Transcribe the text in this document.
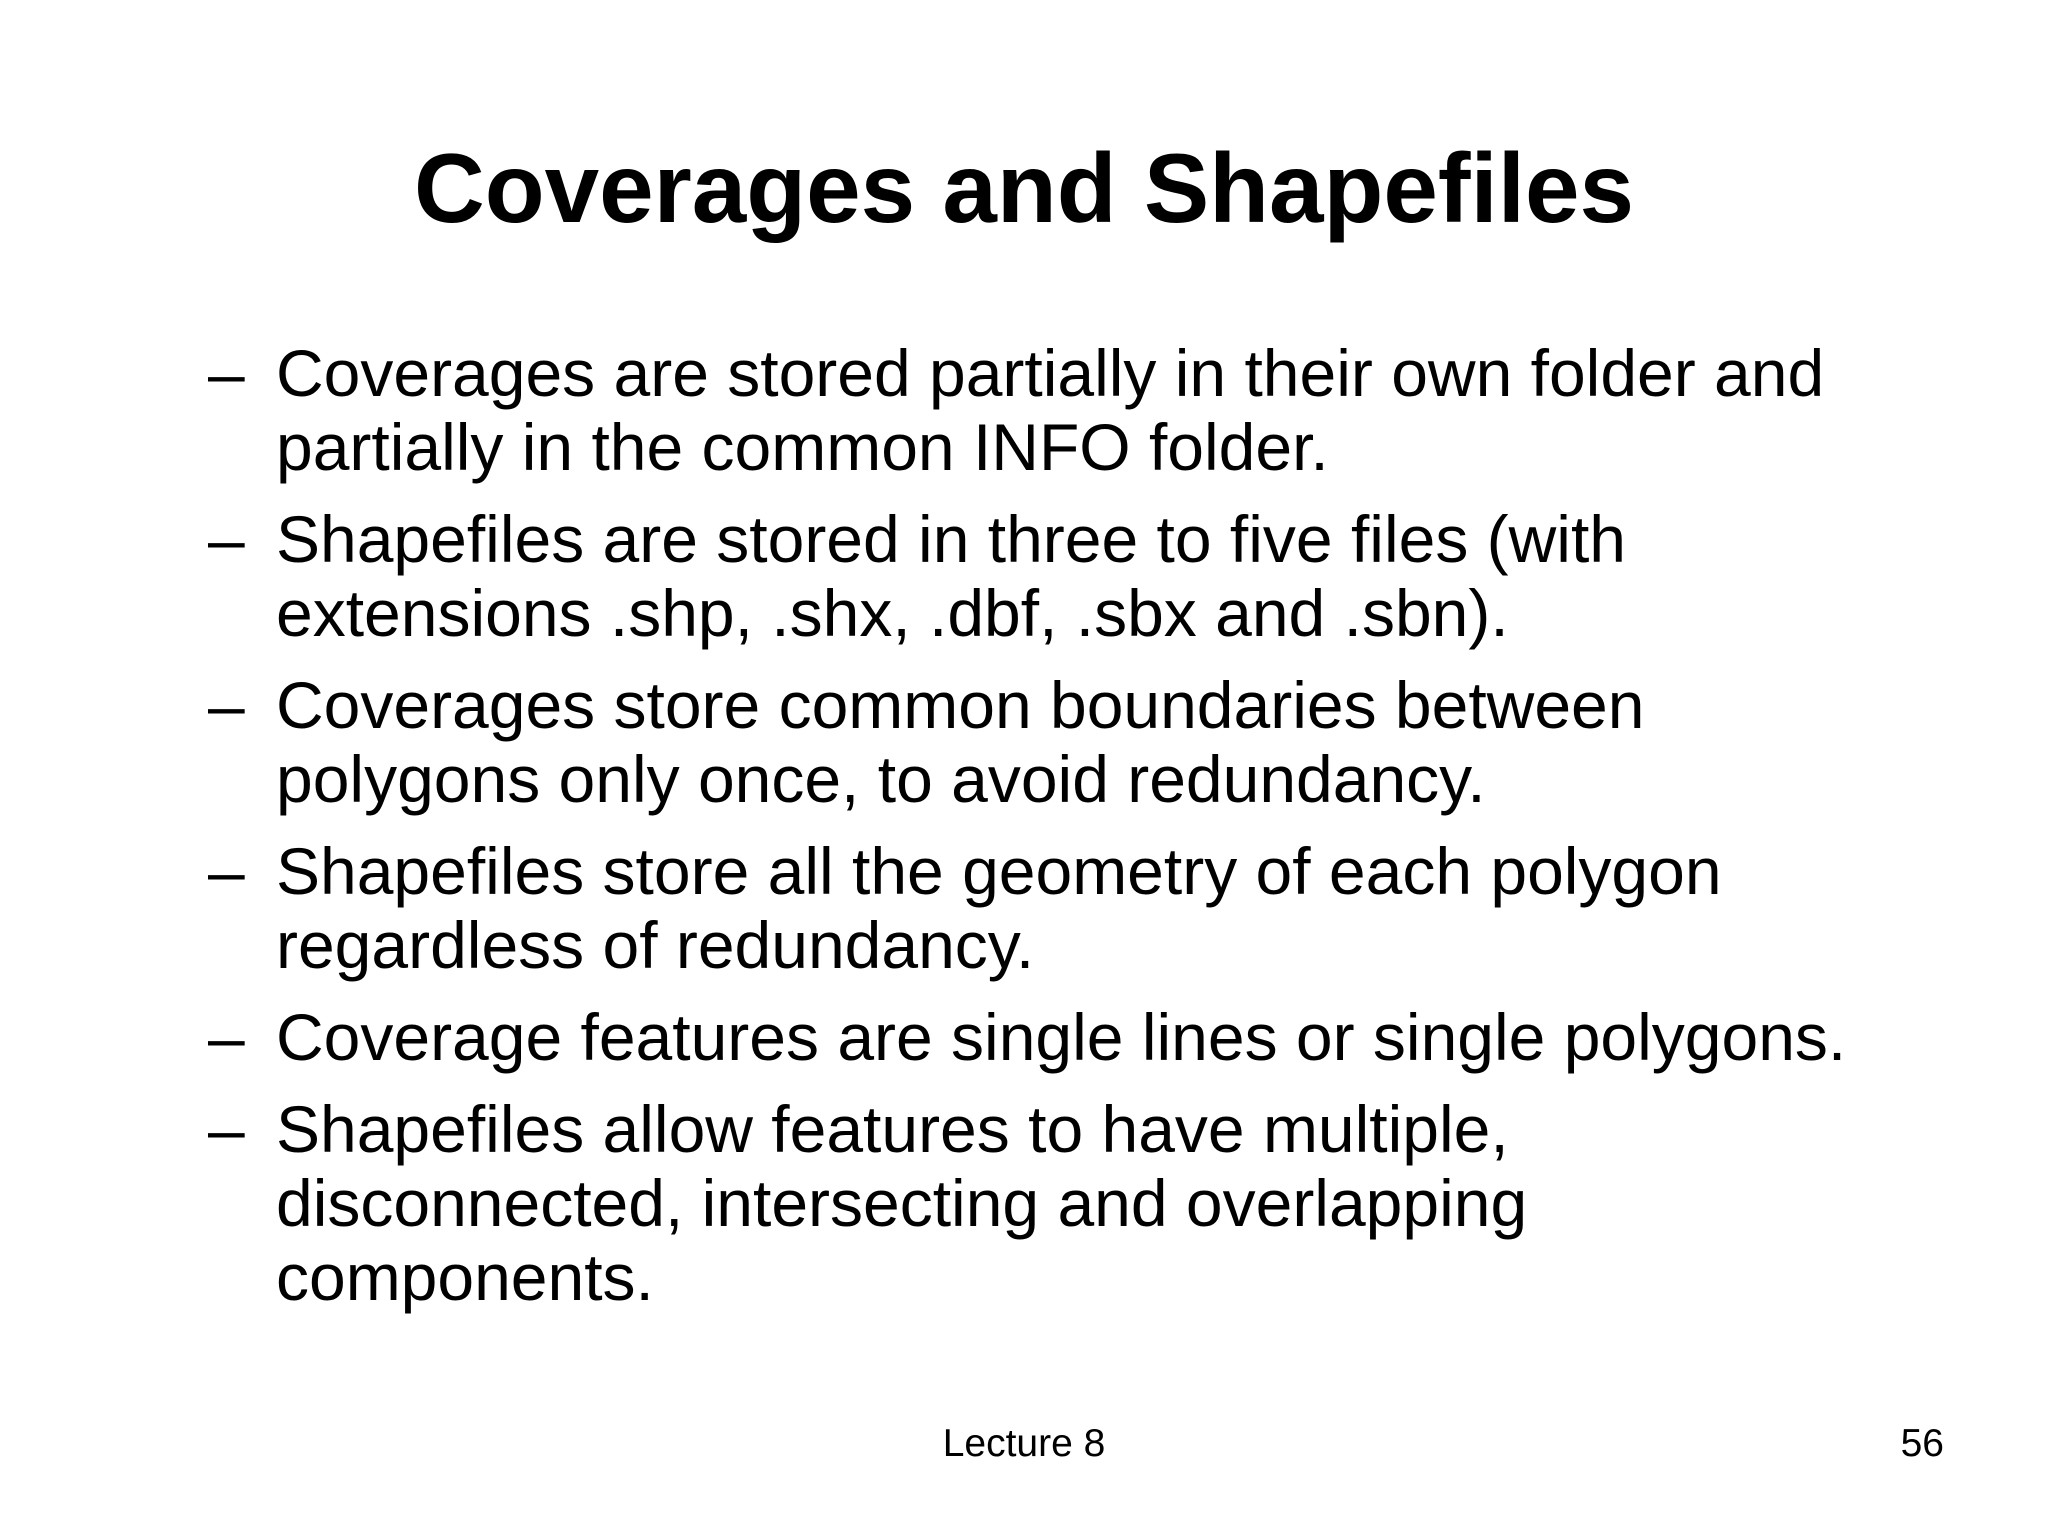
Coverages and Shapefiles
– Coverages are stored partially in their own folder and
partially in the common INFO folder.
– Shapefiles are stored in three to five files (with
extensions .shp, .shx, .dbf, .sbx and .sbn).
– Coverages store common boundaries between
polygons only once, to avoid redundancy.
– Shapefiles store all the geometry of each polygon
regardless of redundancy.
– Coverage features are single lines or single polygons.
– Shapefiles allow features to have multiple,
disconnected, intersecting and overlapping
components.
Lecture 8	56
